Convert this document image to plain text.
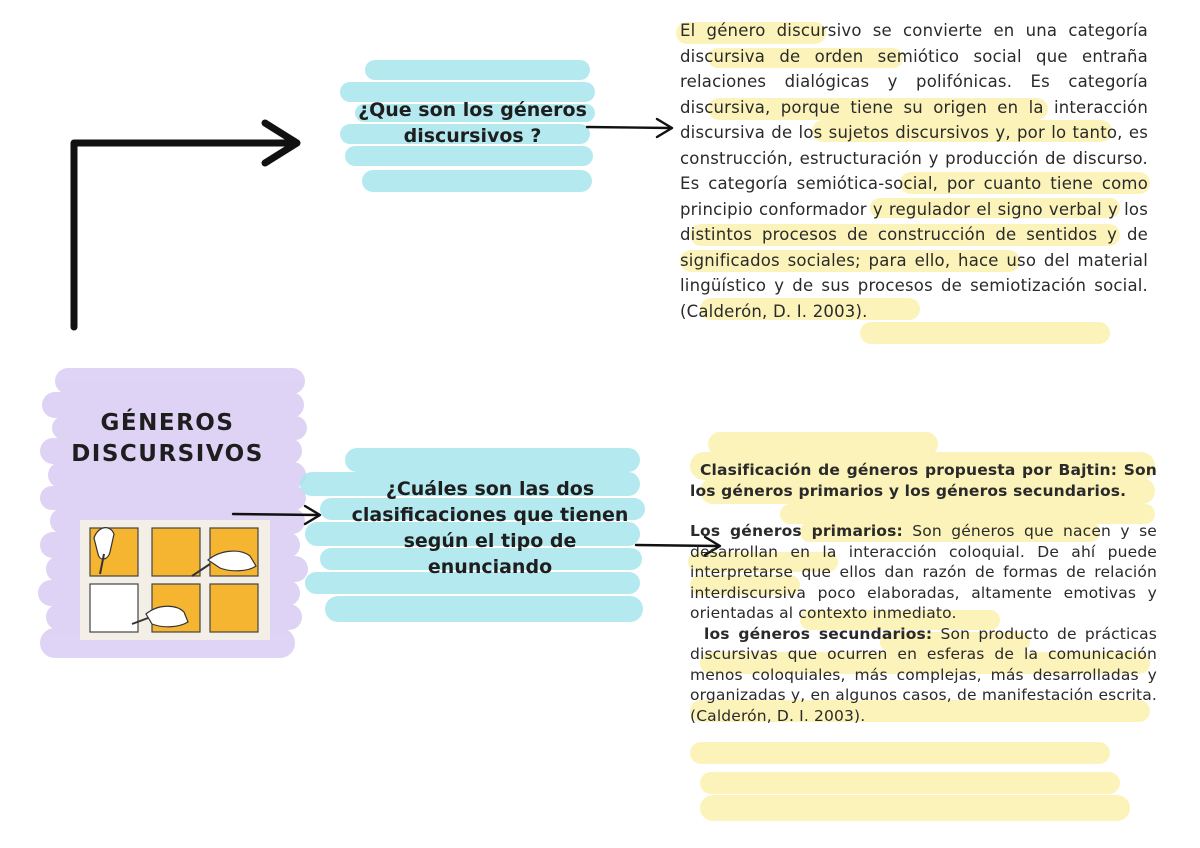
GÉNEROS
DISCURSIVOS
¿Que son los géneros discursivos ?
¿Cuáles son las dos clasificaciones que tienen según el tipo de enunciando
El género discursivo se convierte en una categoría discursiva de orden semiótico social que entraña relaciones dialógicas y polifónicas. Es categoría discursiva, porque tiene su origen en la interacción discursiva de los sujetos discursivos y, por lo tanto, es construcción, estructuración y producción de discurso. Es categoría semiótica-social, por cuanto tiene como principio conformador y regulador el signo verbal y los distintos procesos de construcción de sentidos y de significados sociales; para ello, hace uso del material lingüístico y de sus procesos de semiotización social. (Calderón, D. I. 2003).

Clasificación de géneros propuesta por Bajtin: Son los géneros primarios y los géneros secundarios.

Los géneros primarios: Son géneros que nacen y se desarrollan en la interacción coloquial. De ahí puede interpretarse que ellos dan razón de formas de relación interdiscursiva poco elaboradas, altamente emotivas y orientadas al contexto inmediato.

los géneros secundarios: Son producto de prácticas discursivas que ocurren en esferas de la comunicación menos coloquiales, más complejas, más desarrolladas y organizadas y, en algunos casos, de manifestación escrita. (Calderón, D. I. 2003).
